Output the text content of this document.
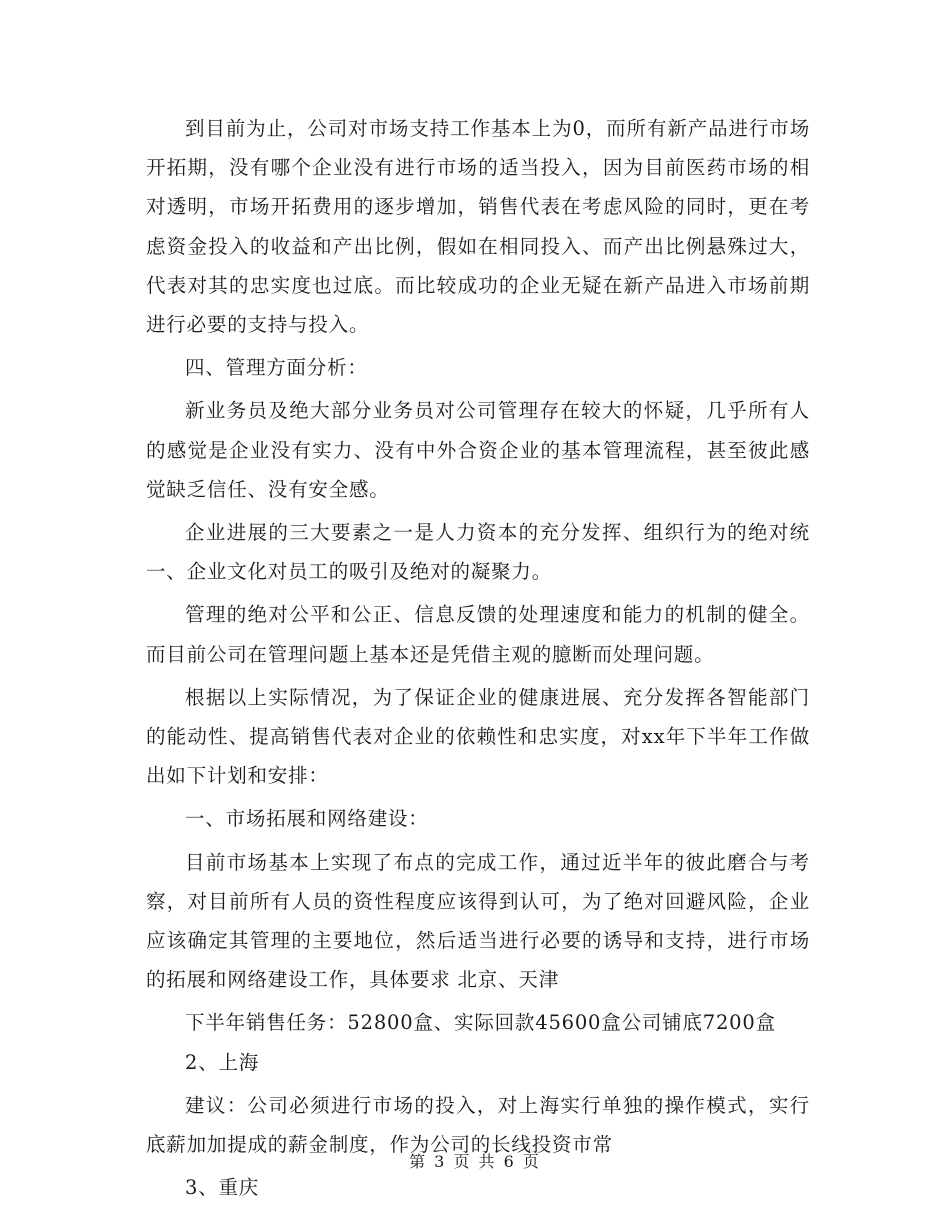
到目前为止，公司对市场支持工作基本上为0，而所有新产品进行市场开拓期，没有哪个企业没有进行市场的适当投入，因为目前医药市场的相对透明，市场开拓费用的逐步增加，销售代表在考虑风险的同时，更在考虑资金投入的收益和产出比例，假如在相同投入、而产出比例悬殊过大，代表对其的忠实度也过底。而比较成功的企业无疑在新产品进入市场前期进行必要的支持与投入。

四、管理方面分析：

新业务员及绝大部分业务员对公司管理存在较大的怀疑，几乎所有人的感觉是企业没有实力、没有中外合资企业的基本管理流程，甚至彼此感觉缺乏信任、没有安全感。

企业进展的三大要素之一是人力资本的充分发挥、组织行为的绝对统一、企业文化对员工的吸引及绝对的凝聚力。

管理的绝对公平和公正、信息反馈的处理速度和能力的机制的健全。而目前公司在管理问题上基本还是凭借主观的臆断而处理问题。

根据以上实际情况，为了保证企业的健康进展、充分发挥各智能部门的能动性、提高销售代表对企业的依赖性和忠实度，对xx年下半年工作做出如下计划和安排：

一、市场拓展和网络建设：

目前市场基本上实现了布点的完成工作，通过近半年的彼此磨合与考察，对目前所有人员的资性程度应该得到认可，为了绝对回避风险，企业应该确定其管理的主要地位，然后适当进行必要的诱导和支持，进行市场的拓展和网络建设工作，具体要求 北京、天津

下半年销售任务：52800盒、实际回款45600盒公司铺底7200盒

2、上海

建议：公司必须进行市场的投入，对上海实行单独的操作模式，实行底薪加加提成的薪金制度，作为公司的长线投资市常

3、重庆

第 3 页 共 6 页
